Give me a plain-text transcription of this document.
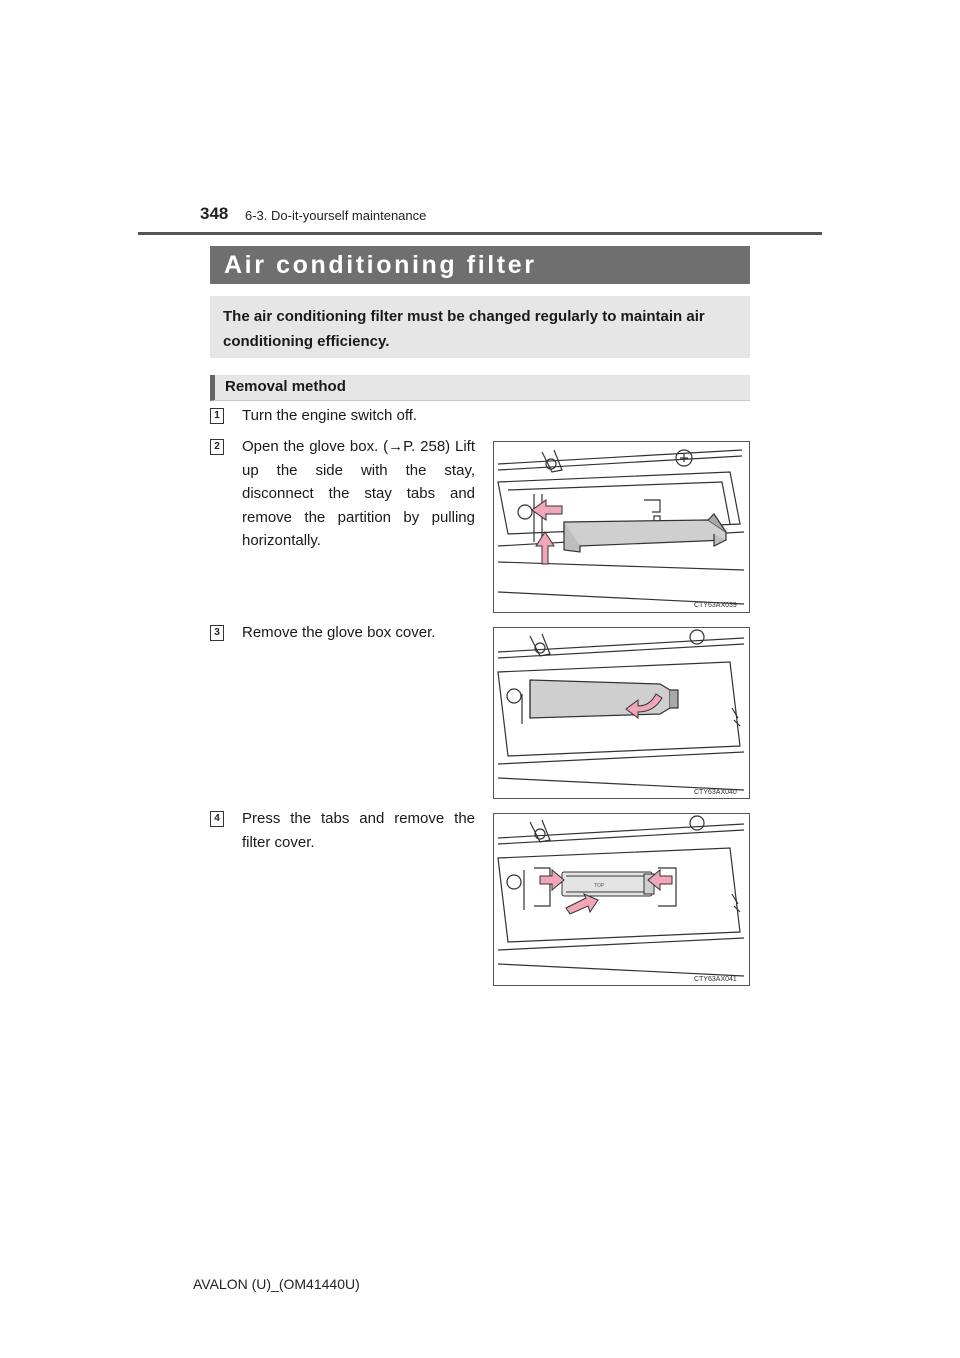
348 6-3. Do-it-yourself maintenance
Air conditioning filter
The air conditioning filter must be changed regularly to maintain air conditioning efficiency.
Removal method
1 Turn the engine switch off.
2 Open the glove box. (→P. 258) Lift up the side with the stay, disconnect the stay tabs and remove the partition by pulling horizontally.
CTY63AX039
3 Remove the glove box cover.
CTY63AX040
4 Press the tabs and remove the filter cover.
TOP
CTY63AX041
AVALON (U)_(OM41440U)
